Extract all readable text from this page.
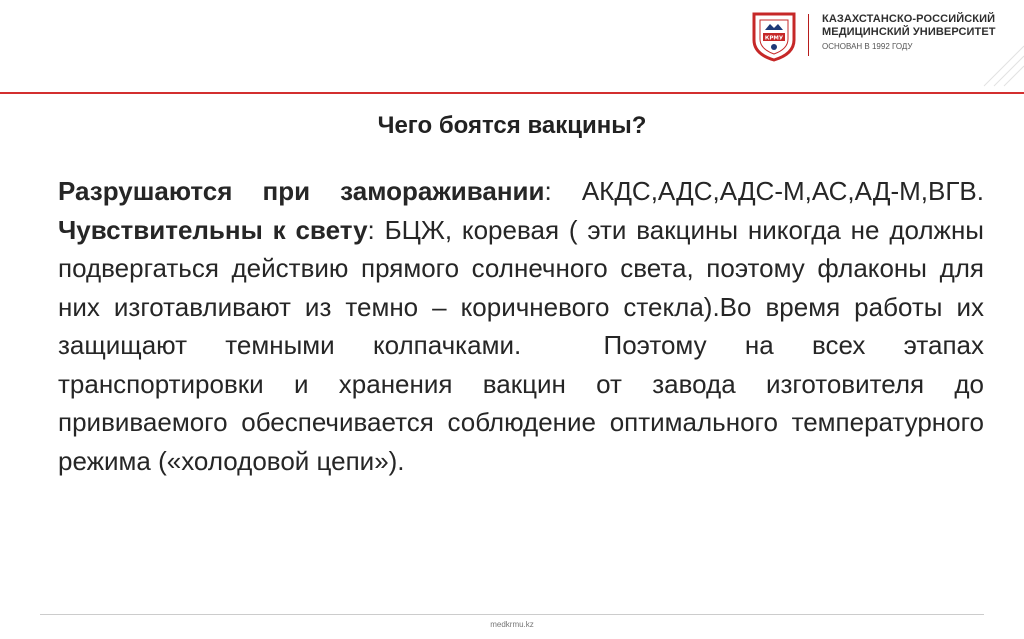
КРМУ
КАЗАХСТАНСКО-РОССИЙСКИЙ
МЕДИЦИНСКИЙ УНИВЕРСИТЕТ
ОСНОВАН В 1992 ГОДУ
Чего боятся вакцины?
Разрушаются при замораживании: АКДС,АДС,АДС-М,АС,АД-М,ВГВ. Чувствительны к свету: БЦЖ, коревая ( эти вакцины никогда не должны подвергаться действию прямого солнечного света, поэтому флаконы для них изготавливают из темно – коричневого стекла).Во время работы их защищают темными колпачками.	Поэтому на всех этапах транспортировки и хранения вакцин от завода изготовителя до прививаемого обеспечивается соблюдение оптимального температурного режима («холодовой цепи»).
medkrmu.kz
